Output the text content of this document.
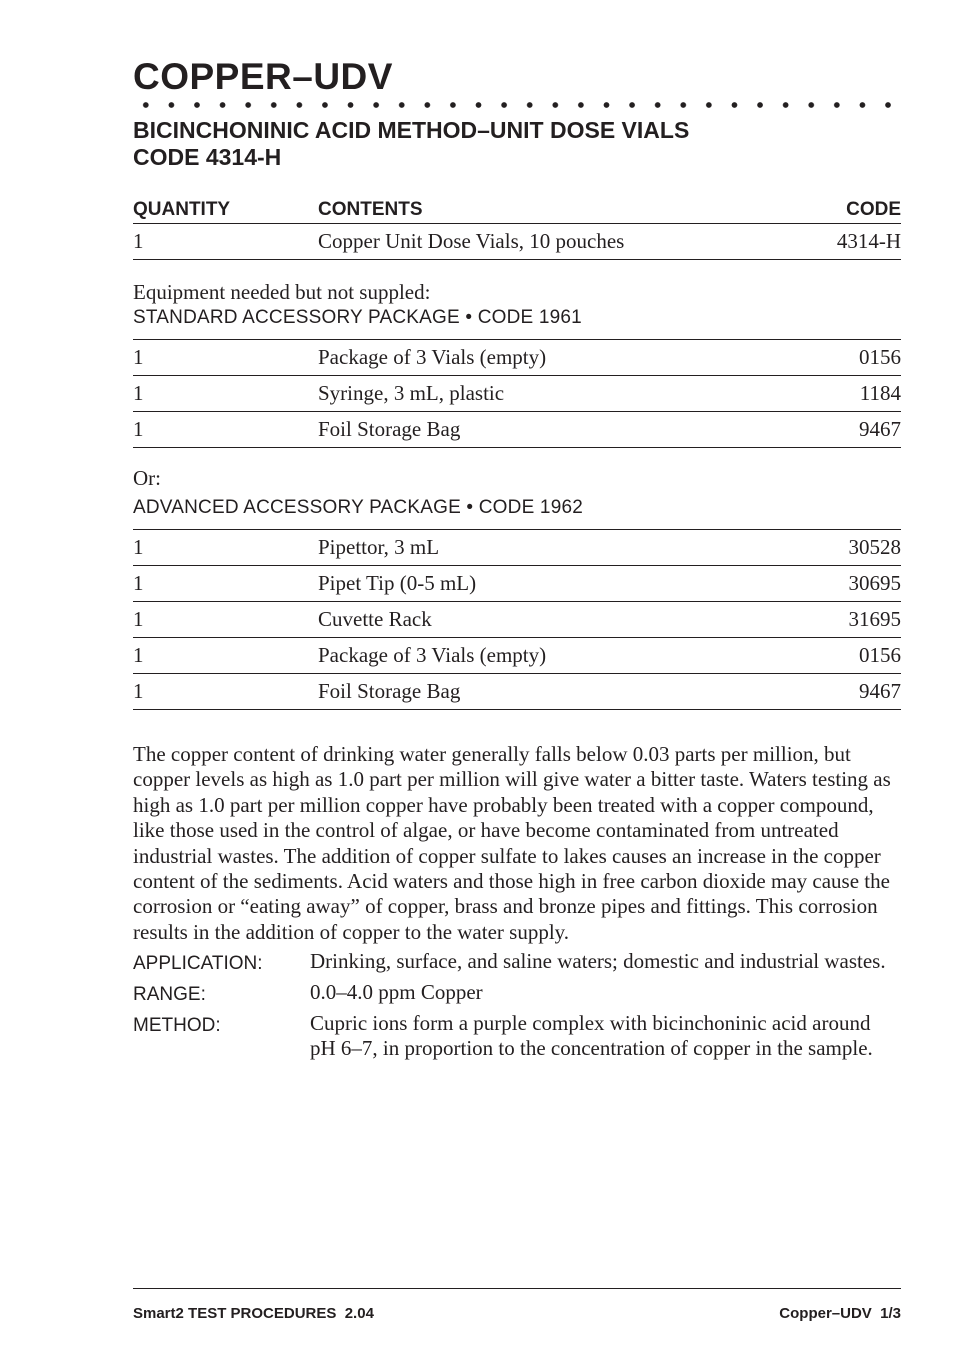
COPPER–UDV

BICINCHONINIC ACID METHOD–UNIT DOSE VIALS

CODE 4314-H

QUANTITY	CONTENTS	CODE
1	Copper Unit Dose Vials, 10 pouches	4314-H

Equipment needed but not suppled:

STANDARD ACCESSORY PACKAGE • CODE 1961

1	Package of 3 Vials (empty)	0156
1	Syringe, 3 mL, plastic	1184
1	Foil Storage Bag	9467

Or:

ADVANCED ACCESSORY PACKAGE • CODE 1962

1	Pipettor, 3 mL	30528
1	Pipet Tip (0-5 mL)	30695
1	Cuvette Rack	31695
1	Package of 3 Vials (empty)	0156
1	Foil Storage Bag	9467

The copper content of drinking water generally falls below 0.03 parts per million, but copper levels as high as 1.0 part per million will give water a bitter taste. Waters testing as high as 1.0 part per million copper have probably been treated with a copper compound, like those used in the control of algae, or have become contaminated from untreated industrial wastes. The addition of copper sulfate to lakes causes an increase in the copper content of the sediments. Acid waters and those high in free carbon dioxide may cause the corrosion or “eating away” of copper, brass and bronze pipes and fittings. This corrosion results in the addition of copper to the water supply.

APPLICATION:	Drinking, surface, and saline waters; domestic and industrial wastes.
RANGE:	0.0–4.0 ppm Copper
METHOD:	Cupric ions form a purple complex with bicinchoninic acid around pH 6–7, in proportion to the concentration of copper in the sample.
Smart2 TEST PROCEDURES  2.04	Copper–UDV  1/3
